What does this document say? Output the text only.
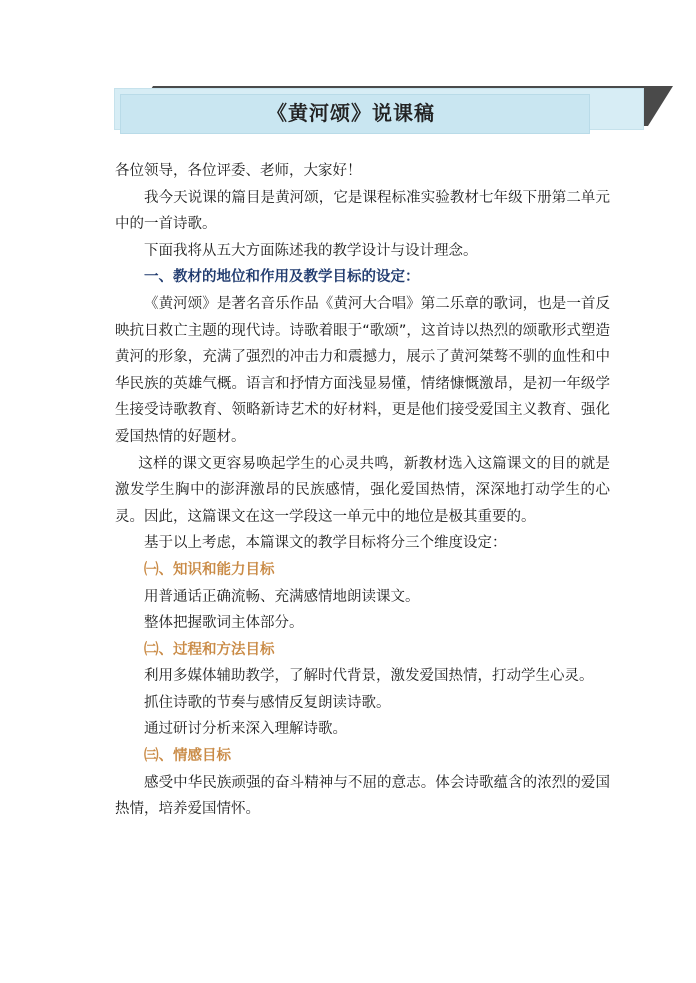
《黄河颂》说课稿

各位领导，各位评委、老师，大家好！

我今天说课的篇目是黄河颂，它是课程标准实验教材七年级下册第二单元中的一首诗歌。

下面我将从五大方面陈述我的教学设计与设计理念。

一、教材的地位和作用及教学目标的设定：

《黄河颂》是著名音乐作品《黄河大合唱》第二乐章的歌词，也是一首反映抗日救亡主题的现代诗。诗歌着眼于“歌颂”，这首诗以热烈的颂歌形式塑造黄河的形象，充满了强烈的冲击力和震撼力，展示了黄河桀骜不驯的血性和中华民族的英雄气概。语言和抒情方面浅显易懂，情绪慷慨激昂，是初一年级学生接受诗歌教育、领略新诗艺术的好材料，更是他们接受爱国主义教育、强化爱国热情的好题材。

这样的课文更容易唤起学生的心灵共鸣，新教材选入这篇课文的目的就是激发学生胸中的澎湃激昂的民族感情，强化爱国热情，深深地打动学生的心灵。因此，这篇课文在这一学段这一单元中的地位是极其重要的。

基于以上考虑，本篇课文的教学目标将分三个维度设定：

㈠、知识和能力目标

用普通话正确流畅、充满感情地朗读课文。

整体把握歌词主体部分。

㈡、过程和方法目标

利用多媒体辅助教学，了解时代背景，激发爱国热情，打动学生心灵。

抓住诗歌的节奏与感情反复朗读诗歌。

通过研讨分析来深入理解诗歌。

㈢、情感目标

感受中华民族顽强的奋斗精神与不屈的意志。体会诗歌蕴含的浓烈的爱国热情，培养爱国情怀。
